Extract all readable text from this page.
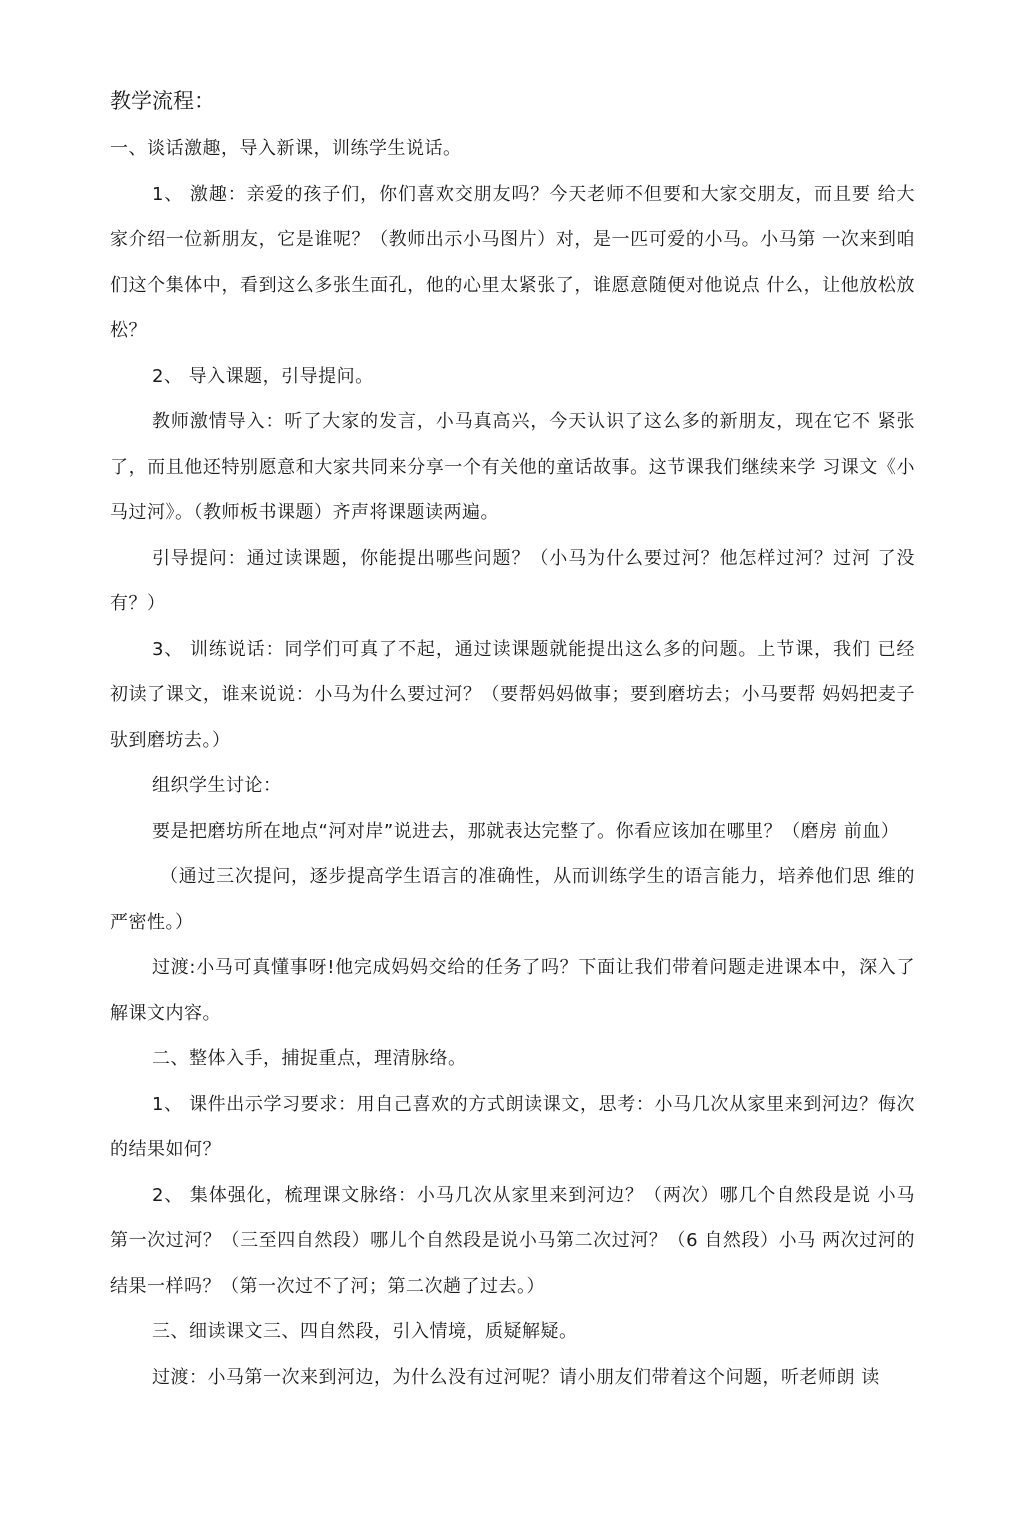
教学流程：

一、谈话激趣，导入新课，训练学生说话。

1、 激趣：亲爱的孩子们，你们喜欢交朋友吗？今天老师不但要和大家交朋友，而且要 给大家介绍一位新朋友，它是谁呢？（教师出示小马图片）对，是一匹可爱的小马。小马第 一次来到咱们这个集体中，看到这么多张生面孔，他的心里太紧张了，谁愿意随便对他说点 什么，让他放松放松？

2、 导入课题，引导提问。

教师激情导入：听了大家的发言，小马真高兴，今天认识了这么多的新朋友，现在它不 紧张了，而且他还特别愿意和大家共同来分享一个有关他的童话故事。这节课我们继续来学 习课文《小马过河》。（教师板书课题）齐声将课题读两遍。

引导提问：通过读课题，你能提出哪些问题？（小马为什么要过河？他怎样过河？过河 了没有？）

3、 训练说话：同学们可真了不起，通过读课题就能提出这么多的问题。上节课，我们 已经初读了课文，谁来说说：小马为什么要过河？（要帮妈妈做事；要到磨坊去；小马要帮 妈妈把麦子驮到磨坊去。）

组织学生讨论：

要是把磨坊所在地点“河对岸”说进去，那就表达完整了。你看应该加在哪里？（磨房 前血）

（通过三次提问，逐步提高学生语言的准确性，从而训练学生的语言能力，培养他们思 维的严密性。）

过渡:小马可真懂事呀!他完成妈妈交给的任务了吗？下面让我们带着问题走进课本中，深入了解课文内容。

二、整体入手，捕捉重点，理清脉络。

1、 课件出示学习要求：用自己喜欢的方式朗读课文，思考：小马几次从家里来到河边？侮次的结果如何？

2、 集体强化，梳理课文脉络：小马几次从家里来到河边？（两次）哪几个自然段是说 小马第一次过河？（三至四自然段）哪儿个自然段是说小马第二次过河？（6 自然段）小马 两次过河的结果一样吗？（第一次过不了河；第二次趟了过去。）

三、细读课文三、四自然段，引入情境，质疑解疑。

过渡：小马第一次来到河边，为什么没有过河呢？请小朋友们带着这个问题，听老师朗 读
